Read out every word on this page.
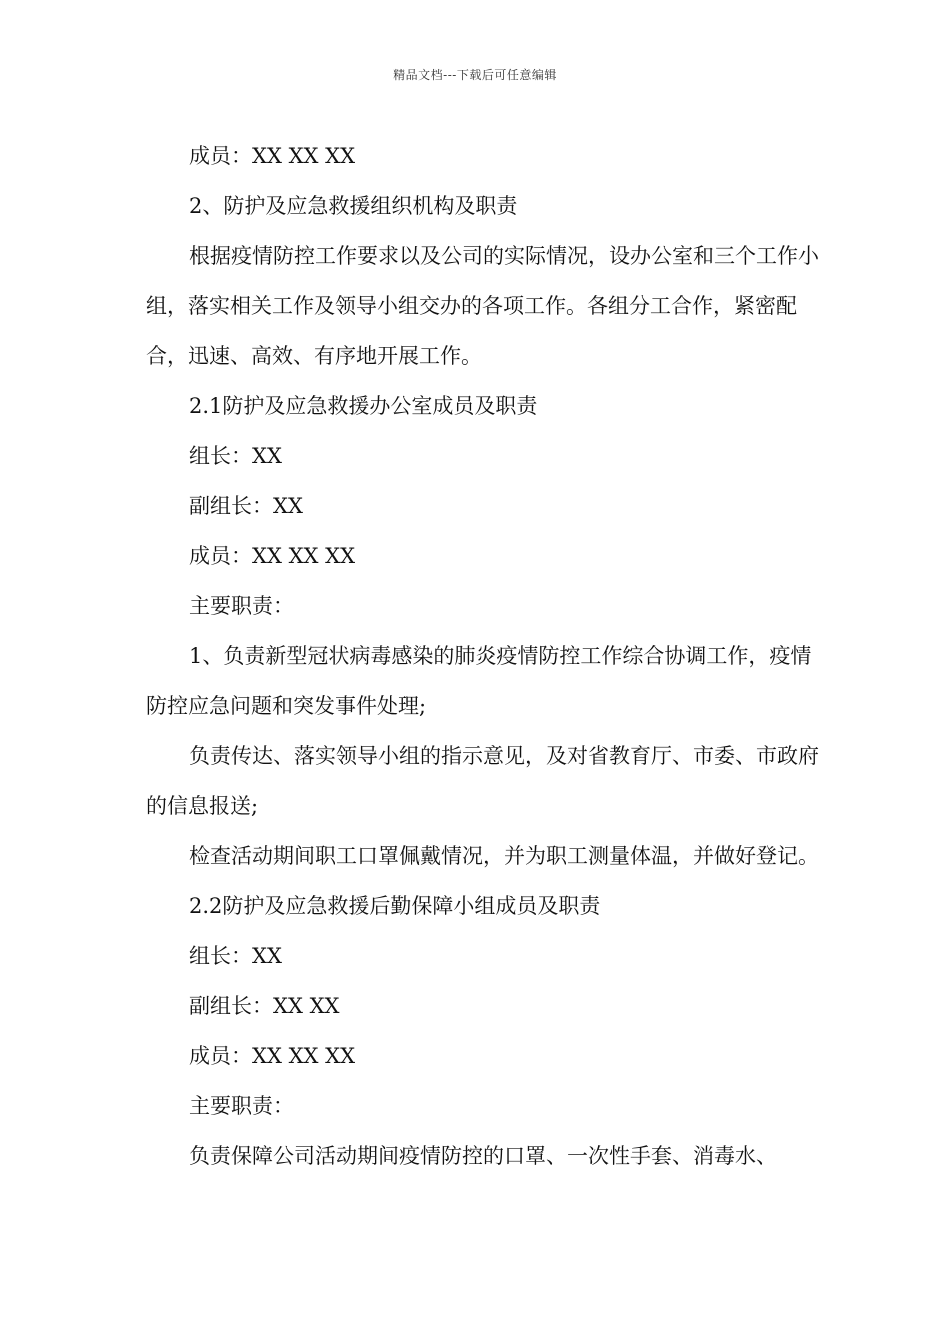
精品文档---下载后可任意编辑

成员：XX XX XX

2、防护及应急救援组织机构及职责

根据疫情防控工作要求以及公司的实际情况，设办公室和三个工作小组，落实相关工作及领导小组交办的各项工作。各组分工合作，紧密配合，迅速、高效、有序地开展工作。

2.1防护及应急救援办公室成员及职责

组长：XX

副组长：XX

成员：XX XX XX

主要职责：

1、负责新型冠状病毒感染的肺炎疫情防控工作综合协调工作，疫情防控应急问题和突发事件处理;

负责传达、落实领导小组的指示意见，及对省教育厅、市委、市政府的信息报送;

检查活动期间职工口罩佩戴情况，并为职工测量体温，并做好登记。

2.2防护及应急救援后勤保障小组成员及职责

组长：XX

副组长：XX XX

成员：XX XX XX

主要职责：

负责保障公司活动期间疫情防控的口罩、一次性手套、消毒水、
